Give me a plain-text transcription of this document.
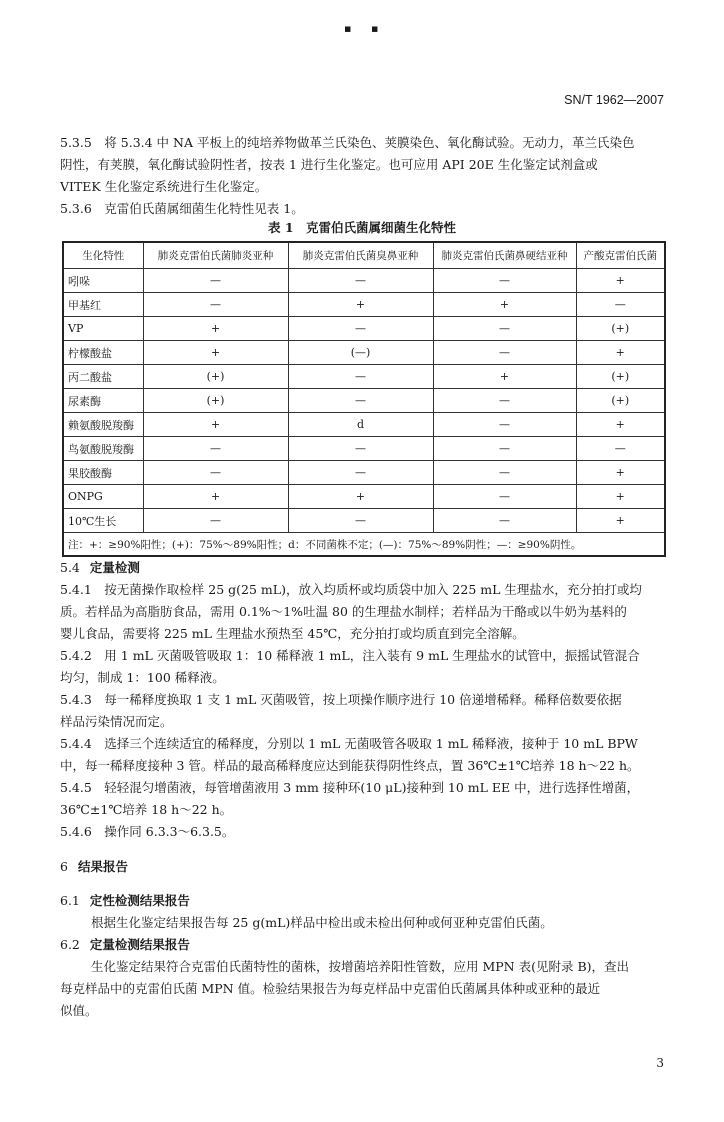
▪ ▪
SN/T 1962—2007
5.3.5　将 5.3.4 中 NA 平板上的纯培养物做革兰氏染色、荚膜染色、氧化酶试验。无动力，革兰氏染色
阴性，有荚膜，氧化酶试验阴性者，按表 1 进行生化鉴定。也可应用 API 20E 生化鉴定试剂盒或
VITEK 生化鉴定系统进行生化鉴定。
5.3.6　克雷伯氏菌属细菌生化特性见表 1。
表 1　克雷伯氏菌属细菌生化特性
生化特性	肺炎克雷伯氏菌肺炎亚种	肺炎克雷伯氏菌臭鼻亚种	肺炎克雷伯氏菌鼻硬结亚种	产酸克雷伯氏菌
吲哚	—	—	—	+
甲基红	—	+	+	—
VP	+	—	—	(+)
柠檬酸盐	+	(—)	—	+
丙二酸盐	(+)	—	+	(+)
尿素酶	(+)	—	—	(+)
赖氨酸脱羧酶	+	d	—	+
鸟氨酸脱羧酶	—	—	—	—
果胶酸酶	—	—	—	+
ONPG	+	+	—	+
10℃生长	—	—	—	+
注：+：≥90%阳性；(+)：75%～89%阳性；d：不同菌株不定；(—)：75%～89%阴性；—：≥90%阴性。				
5.4 定量检测
5.4.1　按无菌操作取检样 25 g(25 mL)，放入均质杯或均质袋中加入 225 mL 生理盐水，充分拍打或均
质。若样品为高脂肪食品，需用 0.1%～1%吐温 80 的生理盐水制样；若样品为干酪或以牛奶为基料的
婴儿食品，需要将 225 mL 生理盐水预热至 45℃，充分拍打或均质直到完全溶解。
5.4.2　用 1 mL 灭菌吸管吸取 1：10 稀释液 1 mL，注入装有 9 mL 生理盐水的试管中，振摇试管混合
均匀，制成 1：100 稀释液。
5.4.3　每一稀释度换取 1 支 1 mL 灭菌吸管，按上项操作顺序进行 10 倍递增稀释。稀释倍数要依据
样品污染情况而定。
5.4.4　选择三个连续适宜的稀释度，分别以 1 mL 无菌吸管各吸取 1 mL 稀释液，接种于 10 mL BPW
中，每一稀释度接种 3 管。样品的最高稀释度应达到能获得阴性终点，置 36℃±1℃培养 18 h～22 h。
5.4.5　轻轻混匀增菌液，每管增菌液用 3 mm 接种环(10 μL)接种到 10 mL EE 中，进行选择性增菌，
36℃±1℃培养 18 h～22 h。
5.4.6　操作同 6.3.3～6.3.5。
6 结果报告
6.1 定性检测结果报告
根据生化鉴定结果报告每 25 g(mL)样品中检出或未检出何种或何亚种克雷伯氏菌。
6.2 定量检测结果报告
生化鉴定结果符合克雷伯氏菌特性的菌株，按增菌培养阳性管数，应用 MPN 表(见附录 B)，查出
每克样品中的克雷伯氏菌 MPN 值。检验结果报告为每克样品中克雷伯氏菌属具体种或亚种的最近
似值。
3
